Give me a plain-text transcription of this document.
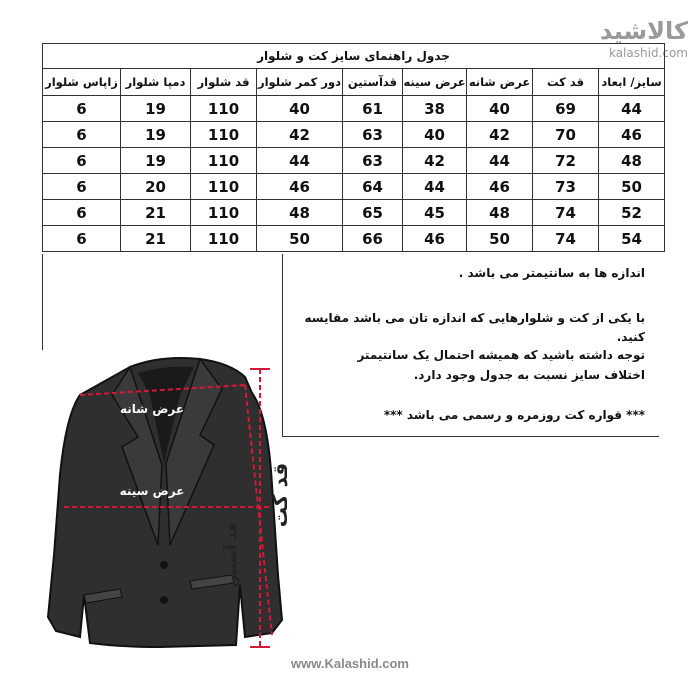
کالاشید
kalashid.com
جدول راهنمای سایز کت و شلوار								
سایز/ ابعاد	قد کت	عرض شانه	عرض سینه	قدآستین	دور کمر شلوار	قد شلوار	دمپا شلوار	زاپاس شلوار
44	69	40	38	61	40	110	19	6
46	70	42	40	63	42	110	19	6
48	72	44	42	63	44	110	19	6
50	73	46	44	64	46	110	20	6
52	74	48	45	65	48	110	21	6
54	74	50	46	66	50	110	21	6
اندازه ها به سانتیمتر می باشد .
با یکی از کت و شلوارهایی که اندازه تان می باشد مقایسه کنید.
توجه داشته باشید که همیشه احتمال یک سانتیمتر
اختلاف سایز نسبت به جدول وجود دارد.
*** قواره کت روزمره و رسمی می باشد ***
عرض شانه
عرض سینه
قد آستین
قد کت
www.Kalashid.com
